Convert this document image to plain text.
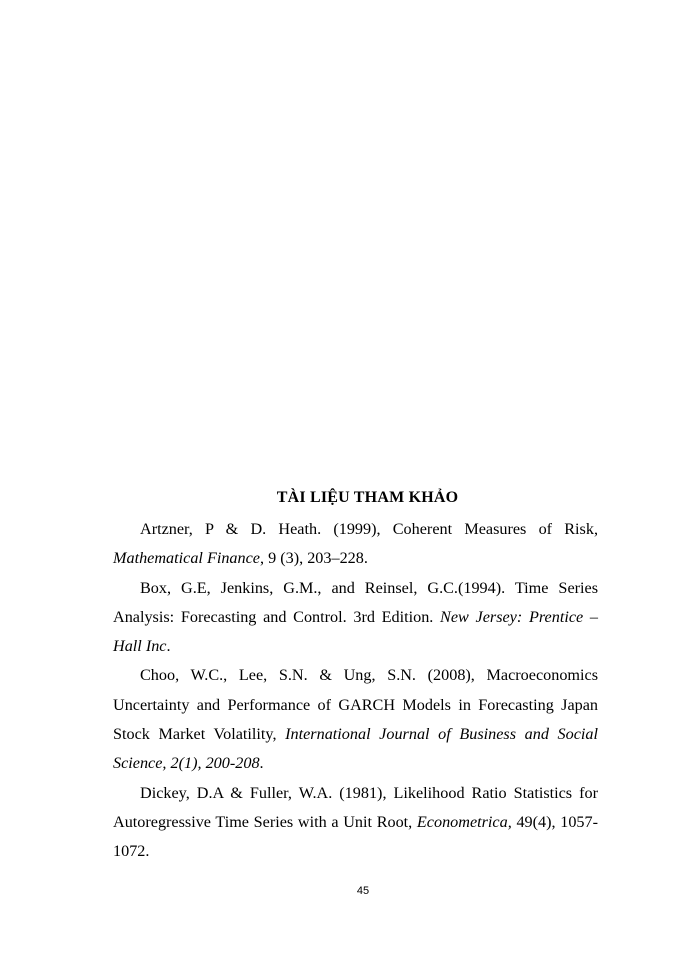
TÀI LIỆU THAM KHẢO

Artzner, P & D. Heath. (1999), Coherent Measures of Risk, Mathematical Finance, 9 (3), 203–228.

Box, G.E, Jenkins, G.M., and Reinsel, G.C.(1994). Time Series Analysis: Forecasting and Control. 3rd Edition. New Jersey: Prentice –Hall Inc.

Choo, W.C., Lee, S.N. & Ung, S.N. (2008), Macroeconomics Uncertainty and Performance of GARCH Models in Forecasting Japan Stock Market Volatility, International Journal of Business and Social Science, 2(1), 200-208.

Dickey, D.A & Fuller, W.A. (1981), Likelihood Ratio Statistics for Autoregressive Time Series with a Unit Root, Econometrica, 49(4), 1057-1072.

45
